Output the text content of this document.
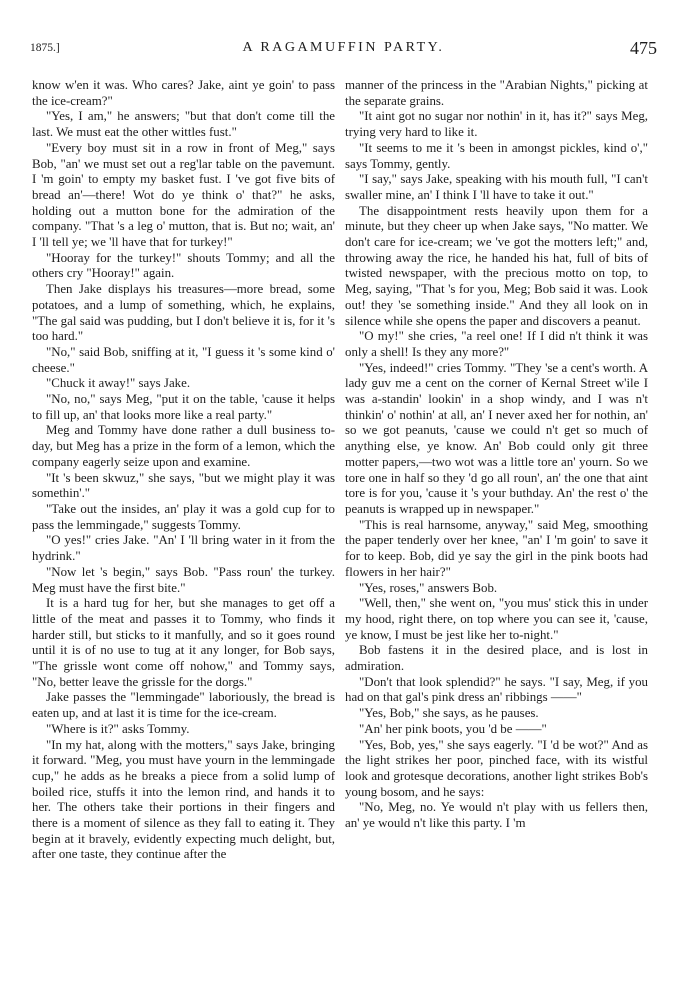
1875.]	A RAGAMUFFIN PARTY.	475

know w'en it was. Who cares? Jake, aint ye goin' to pass the ice-cream?"

"Yes, I am," he answers; "but that don't come till the last. We must eat the other wittles fust."

"Every boy must sit in a row in front of Meg," says Bob, "an' we must set out a reg'lar table on the pavemunt. I 'm goin' to empty my basket fust. I 've got five bits of bread an'—there! Wot do ye think o' that?" he asks, holding out a mutton bone for the admiration of the company. "That 's a leg o' mutton, that is. But no; wait, an' I 'll tell ye; we 'll have that for turkey!"

"Hooray for the turkey!" shouts Tommy; and all the others cry "Hooray!" again.

Then Jake displays his treasures—more bread, some potatoes, and a lump of something, which, he explains, "The gal said was pudding, but I don't believe it is, for it 's too hard."

"No," said Bob, sniffing at it, "I guess it 's some kind o' cheese."

"Chuck it away!" says Jake.

"No, no," says Meg, "put it on the table, 'cause it helps to fill up, an' that looks more like a real party."

Meg and Tommy have done rather a dull business to-day, but Meg has a prize in the form of a lemon, which the company eagerly seize upon and examine.

"It 's been skwuz," she says, "but we might play it was somethin'."

"Take out the insides, an' play it was a gold cup for to pass the lemmingade," suggests Tommy.

"O yes!" cries Jake. "An' I 'll bring water in it from the hydrink."

"Now let 's begin," says Bob. "Pass roun' the turkey. Meg must have the first bite."

It is a hard tug for her, but she manages to get off a little of the meat and passes it to Tommy, who finds it harder still, but sticks to it manfully, and so it goes round until it is of no use to tug at it any longer, for Bob says, "The grissle wont come off nohow," and Tommy says, "No, better leave the grissle for the dorgs."

Jake passes the "lemmingade" laboriously, the bread is eaten up, and at last it is time for the ice-cream.

"Where is it?" asks Tommy.

"In my hat, along with the motters," says Jake, bringing it forward. "Meg, you must have yourn in the lemmingade cup," he adds as he breaks a piece from a solid lump of boiled rice, stuffs it into the lemon rind, and hands it to her. The others take their portions in their fingers and there is a moment of silence as they fall to eating it. They begin at it bravely, evidently expecting much delight, but, after one taste, they continue after the

manner of the princess in the "Arabian Nights," picking at the separate grains.

"It aint got no sugar nor nothin' in it, has it?" says Meg, trying very hard to like it.

"It seems to me it 's been in amongst pickles, kind o'," says Tommy, gently.

"I say," says Jake, speaking with his mouth full, "I can't swaller mine, an' I think I 'll have to take it out."

The disappointment rests heavily upon them for a minute, but they cheer up when Jake says, "No matter. We don't care for ice-cream; we 've got the motters left;" and, throwing away the rice, he handed his hat, full of bits of twisted newspaper, with the precious motto on top, to Meg, saying, "That 's for you, Meg; Bob said it was. Look out! they 'se something inside." And they all look on in silence while she opens the paper and discovers a peanut.

"O my!" she cries, "a reel one! If I did n't think it was only a shell! Is they any more?"

"Yes, indeed!" cries Tommy. "They 'se a cent's worth. A lady guv me a cent on the corner of Kernal Street w'ile I was a-standin' lookin' in a shop windy, and I was n't thinkin' o' nothin' at all, an' I never axed her for nothin, an' so we got peanuts, 'cause we could n't get so much of anything else, ye know. An' Bob could only git three motter papers,—two wot was a little tore an' yourn. So we tore one in half so they 'd go all roun', an' the one that aint tore is for you, 'cause it 's your buthday. An' the rest o' the peanuts is wrapped up in newspaper."

"This is real harnsome, anyway," said Meg, smoothing the paper tenderly over her knee, "an' I 'm goin' to save it for to keep. Bob, did ye say the girl in the pink boots had flowers in her hair?"

"Yes, roses," answers Bob.

"Well, then," she went on, "you mus' stick this in under my hood, right there, on top where you can see it, 'cause, ye know, I must be jest like her to-night."

Bob fastens it in the desired place, and is lost in admiration.

"Don't that look splendid?" he says. "I say, Meg, if you had on that gal's pink dress an' ribbings ——"

"Yes, Bob," she says, as he pauses.

"An' her pink boots, you 'd be ——"

"Yes, Bob, yes," she says eagerly. "I 'd be wot?" And as the light strikes her poor, pinched face, with its wistful look and grotesque decorations, another light strikes Bob's young bosom, and he says:

"No, Meg, no. Ye would n't play with us fellers then, an' ye would n't like this party. I 'm
